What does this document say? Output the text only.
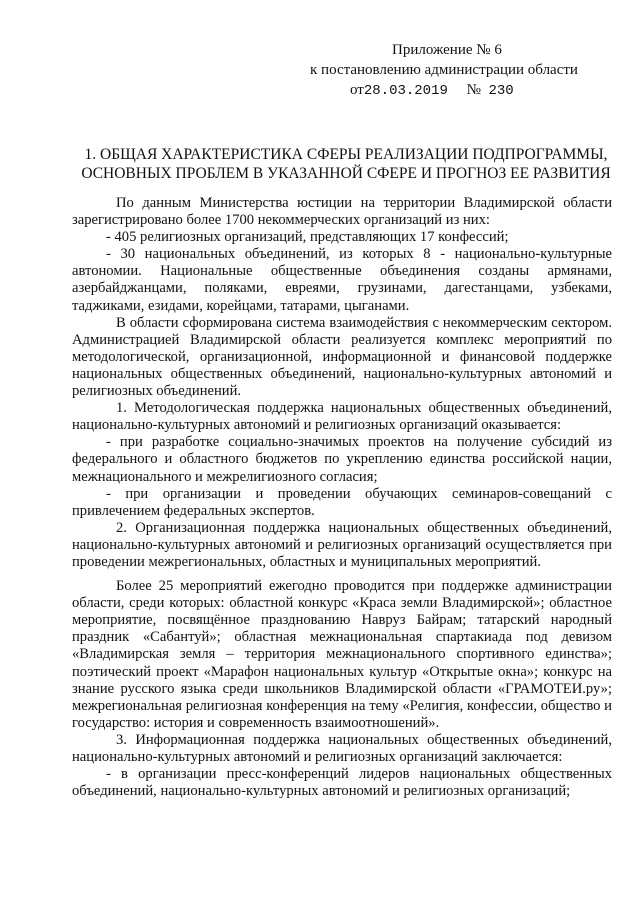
Приложение № 6
к постановлению администрации области
от28.03.2019 № 230
1. ОБЩАЯ ХАРАКТЕРИСТИКА СФЕРЫ РЕАЛИЗАЦИИ ПОДПРОГРАММЫ,
ОСНОВНЫХ ПРОБЛЕМ В УКАЗАННОЙ СФЕРЕ И ПРОГНОЗ ЕЕ РАЗВИТИЯ

По данным Министерства юстиции на территории Владимирской области зарегистрировано более 1700 некоммерческих организаций из них:

- 405 религиозных организаций, представляющих 17 конфессий;

- 30 национальных объединений, из которых 8 - национально-культурные автономии. Национальные общественные объединения созданы армянами, азербайджанцами, поляками, евреями, грузинами, дагестанцами, узбеками, таджиками, езидами, корейцами, татарами, цыганами.

В области сформирована система взаимодействия с некоммерческим сектором. Администрацией Владимирской области реализуется комплекс мероприятий по методологической, организационной, информационной и финансовой поддержке национальных общественных объединений, национально-культурных автономий и религиозных объединений.

1. Методологическая поддержка национальных общественных объединений, национально-культурных автономий и религиозных организаций оказывается:

- при разработке социально-значимых проектов на получение субсидий из федерального и областного бюджетов по укреплению единства российской нации, межнационального и межрелигиозного согласия;

- при организации и проведении обучающих семинаров-совещаний с привлечением федеральных экспертов.

2. Организационная поддержка национальных общественных объединений, национально-культурных автономий и религиозных организаций осуществляется при проведении межрегиональных, областных и муниципальных мероприятий.

Более 25 мероприятий ежегодно проводится при поддержке администрации области, среди которых: областной конкурс «Краса земли Владимирской»; областное мероприятие, посвящённое празднованию Навруз Байрам; татарский народный праздник «Сабантуй»; областная межнациональная спартакиада под девизом «Владимирская земля – территория межнационального спортивного единства»; поэтический проект «Марафон национальных культур «Открытые окна»; конкурс на знание русского языка среди школьников Владимирской области «ГРАМОТЕИ.ру»; межрегиональная религиозная конференция на тему «Религия, конфессии, общество и государство: история и современность взаимоотношений».

3. Информационная поддержка национальных общественных объединений, национально-культурных автономий и религиозных организаций заключается:

- в организации пресс-конференций лидеров национальных общественных объединений, национально-культурных автономий и религиозных организаций;
